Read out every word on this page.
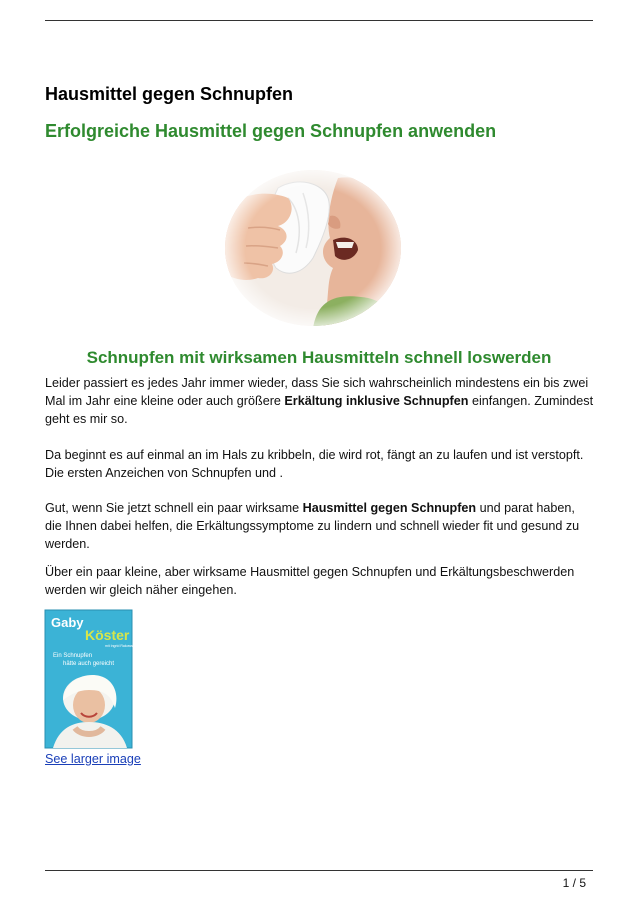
Hausmittel gegen Schnupfen
Erfolgreiche Hausmittel gegen Schnupfen anwenden
Schnupfen mit wirksamen Hausmitteln schnell loswerden

Leider passiert es jedes Jahr immer wieder, dass Sie sich wahrscheinlich mindestens ein bis zwei Mal im Jahr eine kleine oder auch größere Erkältung inklusive Schnupfen einfangen. Zumindest geht es mir so.

Da beginnt es auf einmal an im Hals zu kribbeln, die wird rot, fängt an zu laufen und ist verstopft. Die ersten Anzeichen von Schnupfen und .

Gut, wenn Sie jetzt schnell ein paar wirksame Hausmittel gegen Schnupfen und parat haben, die Ihnen dabei helfen, die Erkältungssymptome zu lindern und schnell wieder fit und gesund zu werden.

Über ein paar kleine, aber wirksame Hausmittel gegen Schnupfen und Erkältungsbeschwerden werden wir gleich näher eingehen.

Gaby
Köster
mit Ingrid Rakowski
Ein Schnupfen
hätte auch gereicht
See larger image
1 / 5
